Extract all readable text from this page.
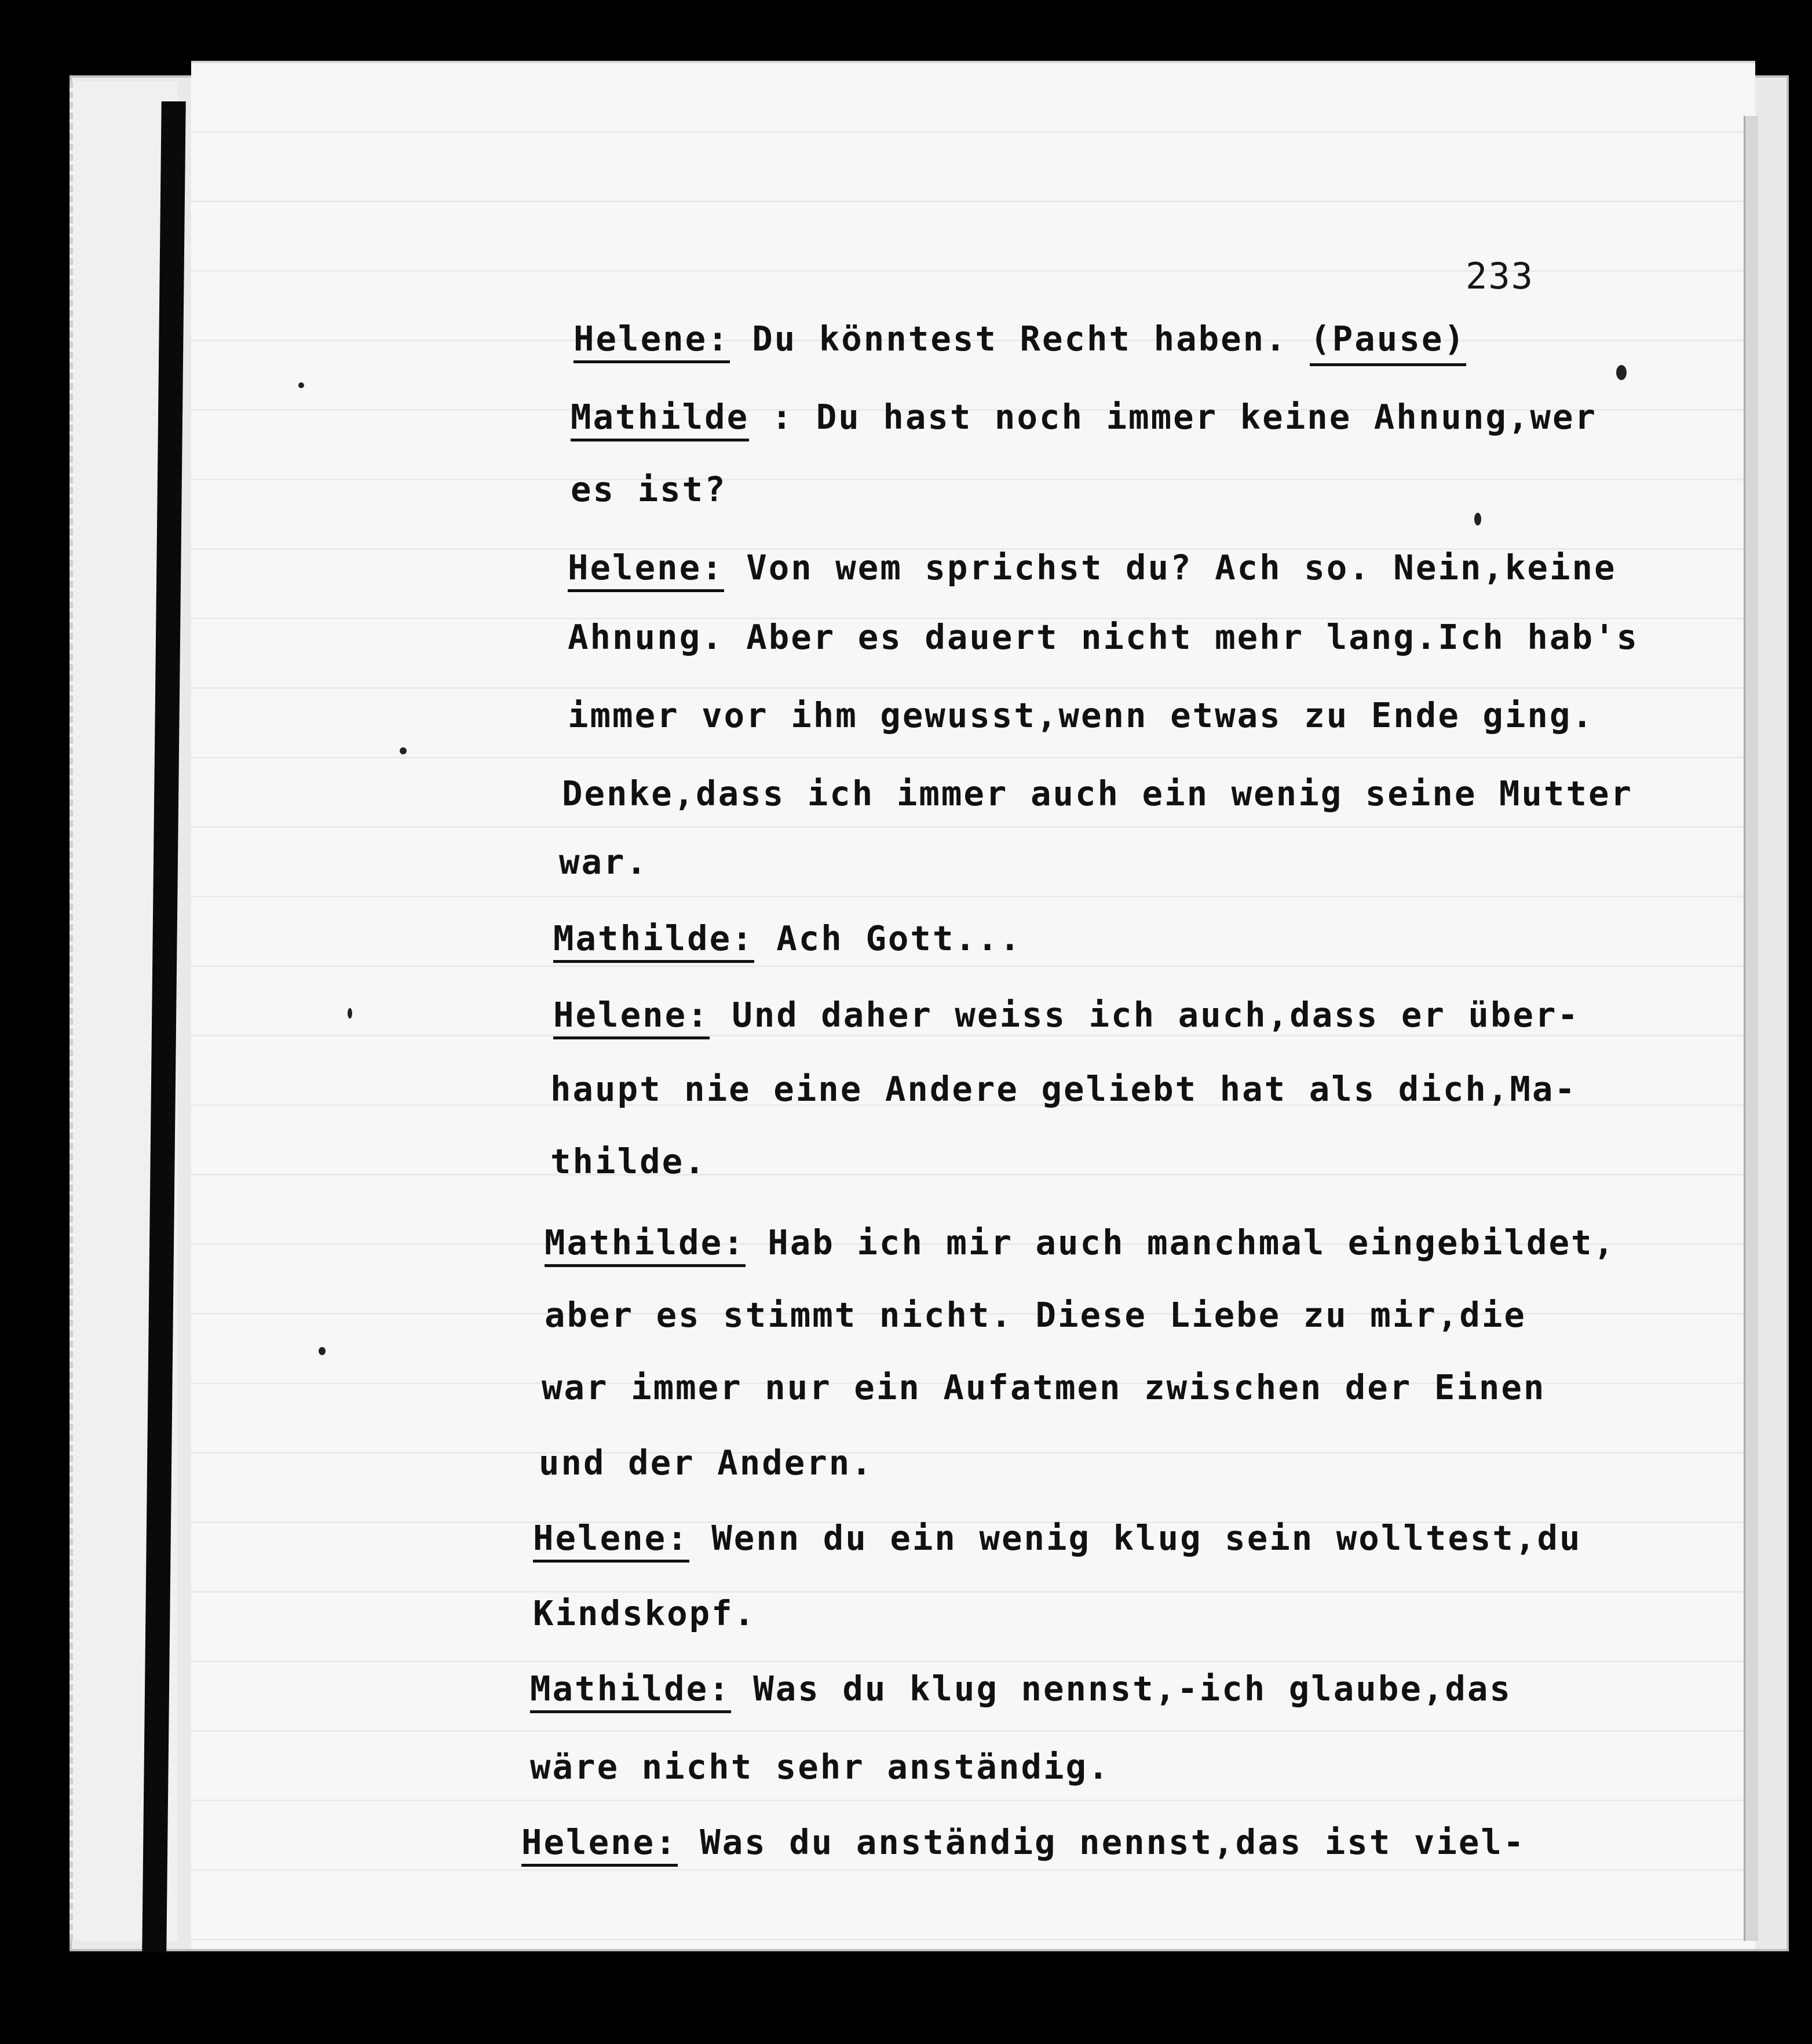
233
Helene: Du könntest Recht haben. (Pause)
Mathilde : Du hast noch immer keine Ahnung,wer
es ist?
Helene: Von wem sprichst du? Ach so. Nein,keine
Ahnung. Aber es dauert nicht mehr lang.Ich hab's
immer vor ihm gewusst,wenn etwas zu Ende ging.
Denke,dass ich immer auch ein wenig seine Mutter
war.
Mathilde: Ach Gott...
Helene: Und daher weiss ich auch,dass er über-
haupt nie eine Andere geliebt hat als dich,Ma-
thilde.
Mathilde: Hab ich mir auch manchmal eingebildet,
aber es stimmt nicht. Diese Liebe zu mir,die
war immer nur ein Aufatmen zwischen der Einen
und der Andern.
Helene: Wenn du ein wenig klug sein wolltest,du
Kindskopf.
Mathilde: Was du klug nennst,-ich glaube,das
wäre nicht sehr anständig.
Helene: Was du anständig nennst,das ist viel-
